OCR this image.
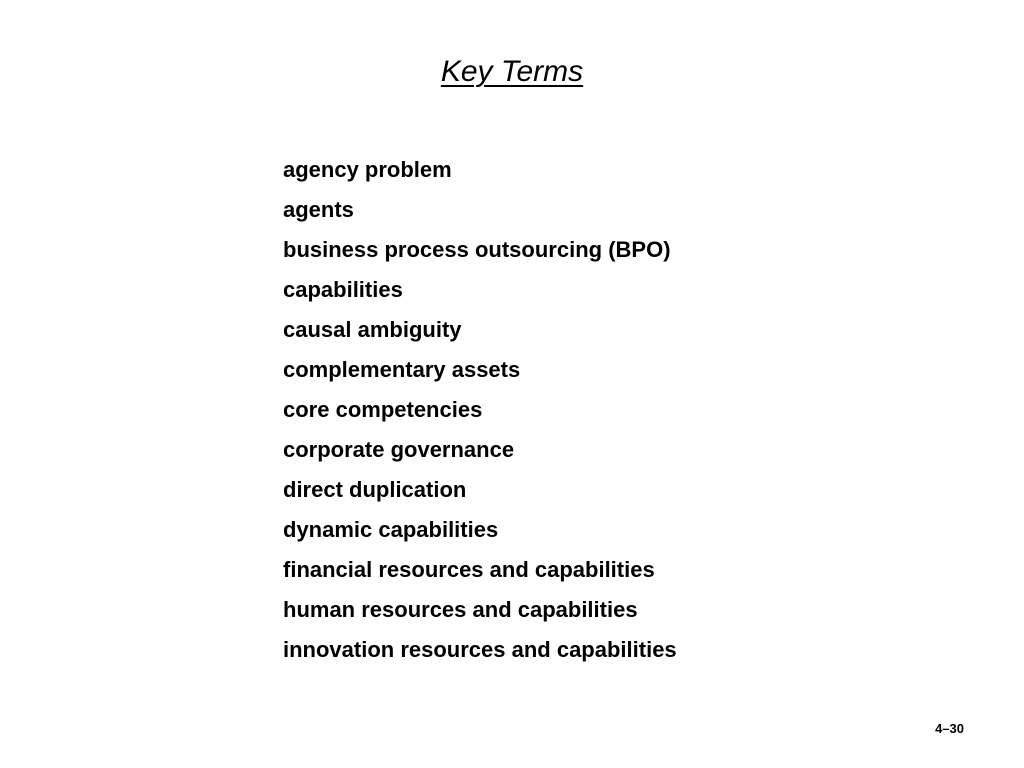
Key Terms
agency problem
agents
business process outsourcing (BPO)
capabilities
causal ambiguity
complementary assets
core competencies
corporate governance
direct duplication
dynamic capabilities
financial resources and capabilities
human resources and capabilities
innovation resources and capabilities
4–30
